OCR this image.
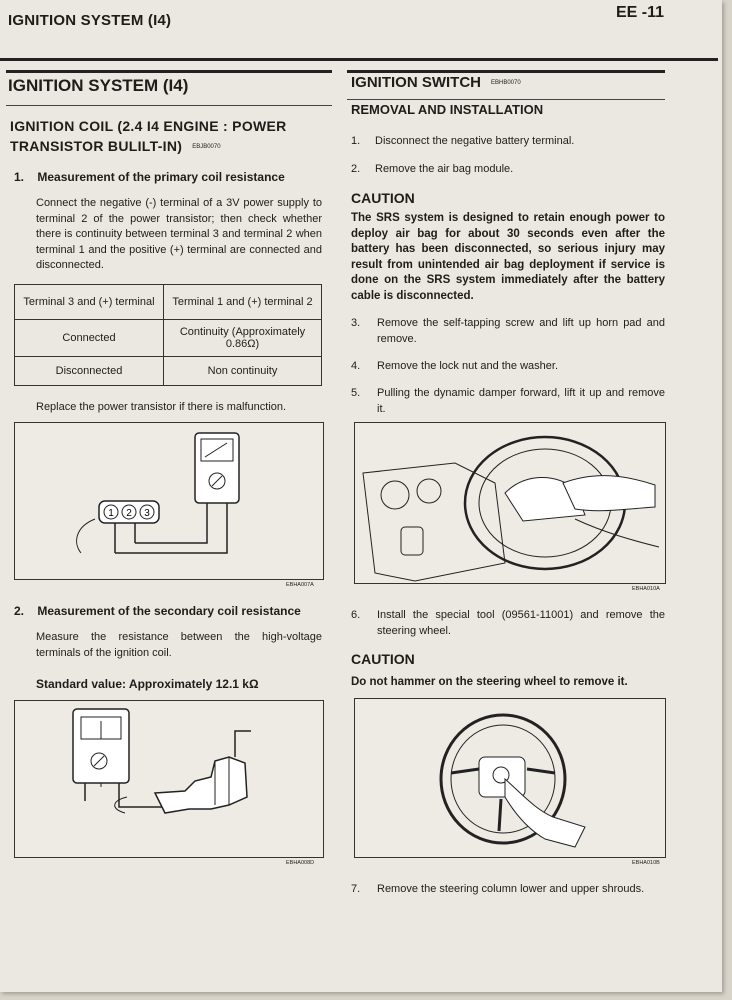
IGNITION SYSTEM (I4)	EE -11
IGNITION SYSTEM (I4)
IGNITION COIL (2.4 I4 ENGINE : POWER
TRANSISTOR BULILT-IN) EBJB0070
1. Measurement of the primary coil resistance
Connect the negative (-) terminal of a 3V power supply to terminal 2 of the power transistor; then check whether there is continuity between terminal 3 and terminal 2 when terminal 1 and the positive (+) terminal are connected and disconnected.
Terminal 3 and (+) terminal	Terminal 1 and (+) terminal 2
Connected	Continuity (Approximately 0.86Ω)
Disconnected	Non continuity
Replace the power transistor if there is malfunction.
1 2 3
EBHA007A
2. Measurement of the secondary coil resistance
Measure the resistance between the high-voltage terminals of the ignition coil.
Standard value: Approximately 12.1 kΩ
EBHA008D
IGNITION SWITCH EBHB0070
REMOVAL AND INSTALLATION
1. Disconnect the negative battery terminal.
2. Remove the air bag module.
CAUTION
The SRS system is designed to retain enough power to deploy air bag for about 30 seconds even after the battery has been disconnected, so serious injury may result from unintended air bag deployment if service is done on the SRS system immediately after the battery cable is disconnected.
3. Remove the self-tapping screw and lift up horn pad and remove.
4. Remove the lock nut and the washer.
5. Pulling the dynamic damper forward, lift it up and remove it.
EBHA010A
6. Install the special tool (09561-11001) and remove the steering wheel.
CAUTION
Do not hammer on the steering wheel to remove it.
EBHA010B
7. Remove the steering column lower and upper shrouds.
